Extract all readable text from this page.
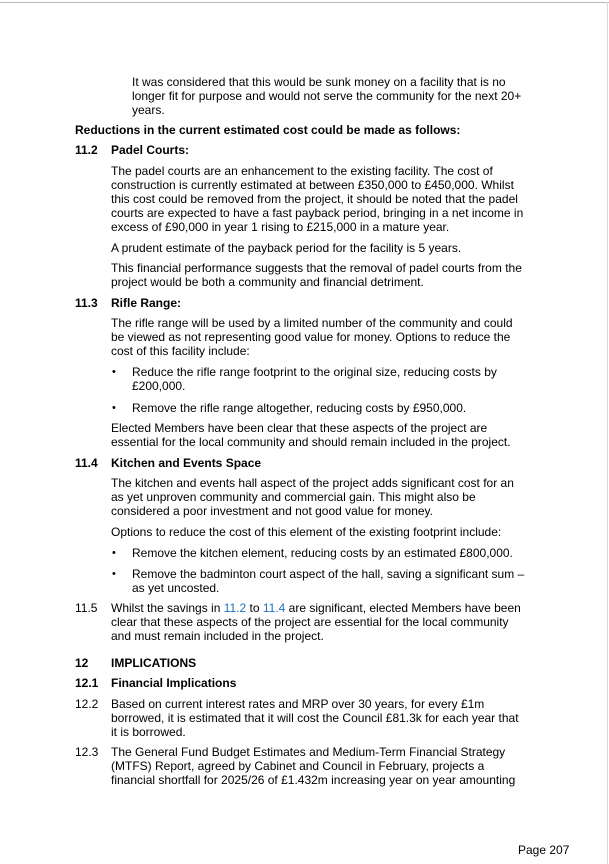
It was considered that this would be sunk money on a facility that is no
longer fit for purpose and would not serve the community for the next 20+
years.
Reductions in the current estimated cost could be made as follows:
11.2 Padel Courts:
The padel courts are an enhancement to the existing facility. The cost of
construction is currently estimated at between £350,000 to £450,000. Whilst
this cost could be removed from the project, it should be noted that the padel
courts are expected to have a fast payback period, bringing in a net income in
excess of £90,000 in year 1 rising to £215,000 in a mature year.
A prudent estimate of the payback period for the facility is 5 years.
This financial performance suggests that the removal of padel courts from the
project would be both a community and financial detriment.
11.3 Rifle Range:
The rifle range will be used by a limited number of the community and could
be viewed as not representing good value for money. Options to reduce the
cost of this facility include:
• Reduce the rifle range footprint to the original size, reducing costs by
£200,000.
• Remove the rifle range altogether, reducing costs by £950,000.
Elected Members have been clear that these aspects of the project are
essential for the local community and should remain included in the project.
11.4 Kitchen and Events Space
The kitchen and events hall aspect of the project adds significant cost for an
as yet unproven community and commercial gain. This might also be
considered a poor investment and not good value for money.
Options to reduce the cost of this element of the existing footprint include:
• Remove the kitchen element, reducing costs by an estimated £800,000.
• Remove the badminton court aspect of the hall, saving a significant sum –
as yet uncosted.
11.5 Whilst the savings in 11.2 to 11.4 are significant, elected Members have been
clear that these aspects of the project are essential for the local community
and must remain included in the project.
12 IMPLICATIONS
12.1 Financial Implications
12.2 Based on current interest rates and MRP over 30 years, for every £1m
borrowed, it is estimated that it will cost the Council £81.3k for each year that
it is borrowed.
12.3 The General Fund Budget Estimates and Medium-Term Financial Strategy
(MTFS) Report, agreed by Cabinet and Council in February, projects a
financial shortfall for 2025/26 of £1.432m increasing year on year amounting
Page 207
